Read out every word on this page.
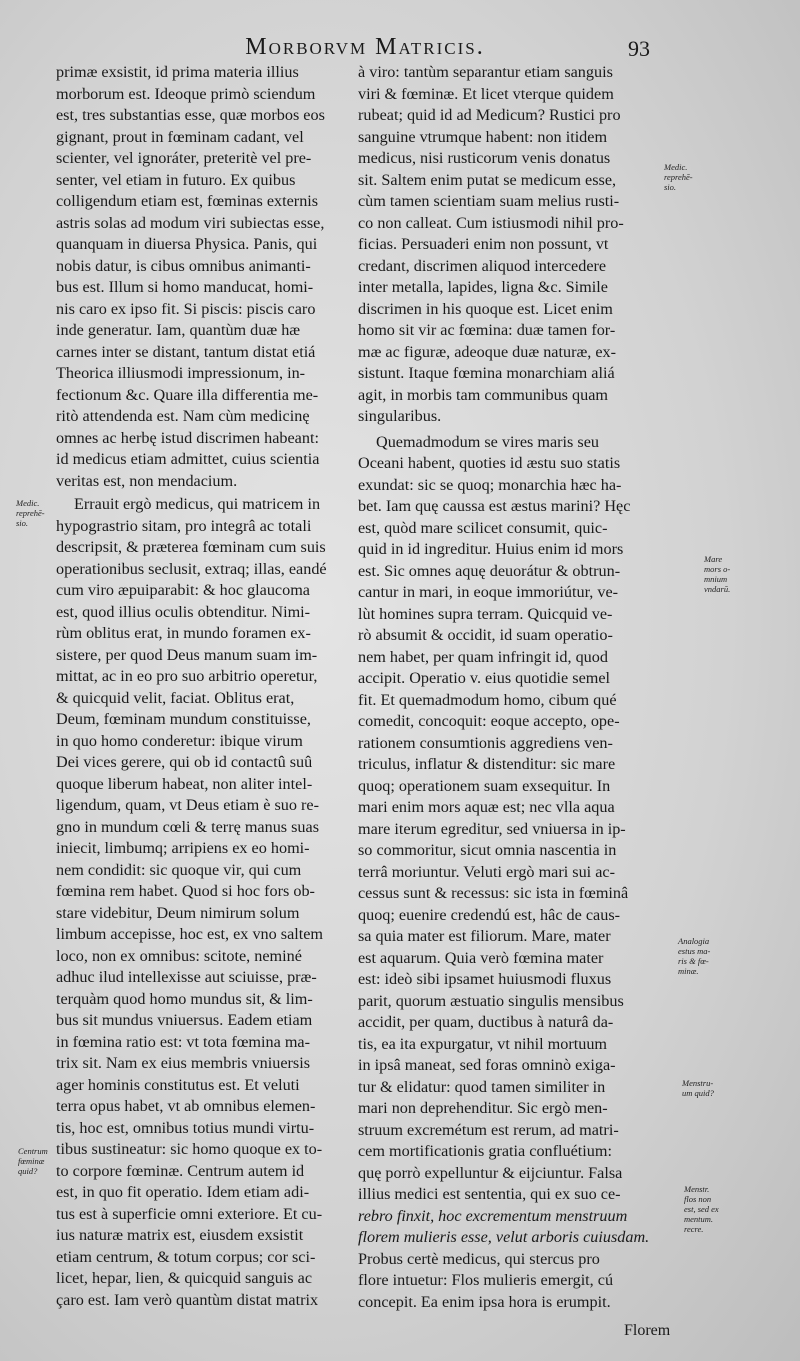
Morborvm Matricis.	93
primæ exsistit, id prima materia illius
morborum est. Ideoque primò sciendum
est, tres substantias esse, quæ morbos eos
gignant, prout in fœminam cadant, vel
scienter, vel ignoráter, preteritè vel pre-
senter, vel etiam in futuro. Ex quibus
colligendum etiam est, fœminas externis
astris solas ad modum viri subiectas esse,
quanquam in diuersa Physica. Panis, qui
nobis datur, is cibus omnibus animanti-
bus est. Illum si homo manducat, homi-
nis caro ex ipso fit. Si piscis: piscis caro
inde generatur. Iam, quantùm duæ hæ
carnes inter se distant, tantum distat etiá
Theorica illiusmodi impressionum, in-
fectionum &c. Quare illa differentia me-
ritò attendenda est. Nam cùm medicinę
omnes ac herbę istud discrimen habeant:
id medicus etiam admittet, cuius scientia
veritas est, non mendacium.
Errauit ergò medicus, qui matricem in
hypograstrio sitam, pro integrâ ac totali
descripsit, & præterea fœminam cum suis
operationibus seclusit, extraq; illas, eandé
cum viro æpuiparabit: & hoc glaucoma
est, quod illius oculis obtenditur. Nimi-
rùm oblitus erat, in mundo foramen ex-
sistere, per quod Deus manum suam im-
mittat, ac in eo pro suo arbitrio operetur,
& quicquid velit, faciat. Oblitus erat,
Deum, fœminam mundum constituisse,
in quo homo conderetur: ibique virum
Dei vices gerere, qui ob id contactû suû
quoque liberum habeat, non aliter intel-
ligendum, quam, vt Deus etiam è suo re-
gno in mundum cœli & terrę manus suas
iniecit, limbumq; arripiens ex eo homi-
nem condidit: sic quoque vir, qui cum
fœmina rem habet. Quod si hoc fors ob-
stare videbitur, Deum nimirum solum
limbum accepisse, hoc est, ex vno saltem
loco, non ex omnibus: scitote, neminé
adhuc ilud intellexisse aut sciuisse, præ-
terquàm quod homo mundus sit, & lim-
bus sit mundus vniuersus. Eadem etiam
in fœmina ratio est: vt tota fœmina ma-
trix sit. Nam ex eius membris vniuersis
ager hominis constitutus est. Et veluti
terra opus habet, vt ab omnibus elemen-
tis, hoc est, omnibus totius mundi virtu-
tibus sustineatur: sic homo quoque ex to-
to corpore fœminæ. Centrum autem id
est, in quo fit operatio. Idem etiam adi-
tus est à superficie omni exteriore. Et cu-
ius naturæ matrix est, eiusdem exsistit
etiam centrum, & totum corpus; cor sci-
licet, hepar, lien, & quicquid sanguis ac
çaro est. Iam verò quantùm distat matrix
à viro: tantùm separantur etiam sanguis
viri & fœminæ. Et licet vterque quidem
rubeat; quid id ad Medicum? Rustici pro
sanguine vtrumque habent: non itidem
medicus, nisi rusticorum venis donatus
sit. Saltem enim putat se medicum esse,
cùm tamen scientiam suam melius rusti-
co non calleat. Cum istiusmodi nihil pro-
ficias. Persuaderi enim non possunt, vt
credant, discrimen aliquod intercedere
inter metalla, lapides, ligna &c. Simile
discrimen in his quoque est. Licet enim
homo sit vir ac fœmina: duæ tamen for-
mæ ac figuræ, adeoque duæ naturæ, ex-
sistunt. Itaque fœmina monarchiam aliá
agit, in morbis tam communibus quam
singularibus.
Quemadmodum se vires maris seu
Oceani habent, quoties id æstu suo statis
exundat: sic se quoq; monarchia hæc ha-
bet. Iam quę caussa est æstus marini? Hęc
est, quòd mare scilicet consumit, quic-
quid in id ingreditur. Huius enim id mors
est. Sic omnes aquę deuorátur & obtrun-
cantur in mari, in eoque immoriútur, ve-
lùt homines supra terram. Quicquid ve-
rò absumit & occidit, id suam operatio-
nem habet, per quam infringit id, quod
accipit. Operatio v. eius quotidie semel
fit. Et quemadmodum homo, cibum qué
comedit, concoquit: eoque accepto, ope-
rationem consumtionis aggrediens ven-
triculus, inflatur & distenditur: sic mare
quoq; operationem suam exsequitur. In
mari enim mors aquæ est; nec vlla aqua
mare iterum egreditur, sed vniuersa in ip-
so commoritur, sicut omnia nascentia in
terrâ moriuntur. Veluti ergò mari sui ac-
cessus sunt & recessus: sic ista in fœminâ
quoq; euenire credendú est, hâc de caus-
sa quia mater est filiorum. Mare, mater
est aquarum. Quia verò fœmina mater
est: ideò sibi ipsamet huiusmodi fluxus
parit, quorum æstuatio singulis mensibus
accidit, per quam, ductibus à naturâ da-
tis, ea ita expurgatur, vt nihil mortuum
in ipsâ maneat, sed foras omninò exiga-
tur & elidatur: quod tamen similiter in
mari non deprehenditur. Sic ergò men-
struum excremétum est rerum, ad matri-
cem mortificationis gratia confluétium:
quę porrò expelluntur & eijciuntur. Falsa
illius medici est sententia, qui ex suo ce-
rebro finxit, hoc excrementum menstruum
florem mulieris esse, velut arboris cuiusdam.
Probus certè medicus, qui stercus pro
flore intuetur: Flos mulieris emergit, cú
concepit. Ea enim ipsa hora is erumpit.
Medic.
reprehē-
sio.
Medic.
reprehē-
sio.
Mare
mors o-
mnium
vndarū.
Analogia
estus ma-
ris & fœ-
minæ.
Menstru-
um quid?
Centrum
fœminæ
quid?
Menstr.
flos non
est, sed ex
mentum.
recre.
Florem
